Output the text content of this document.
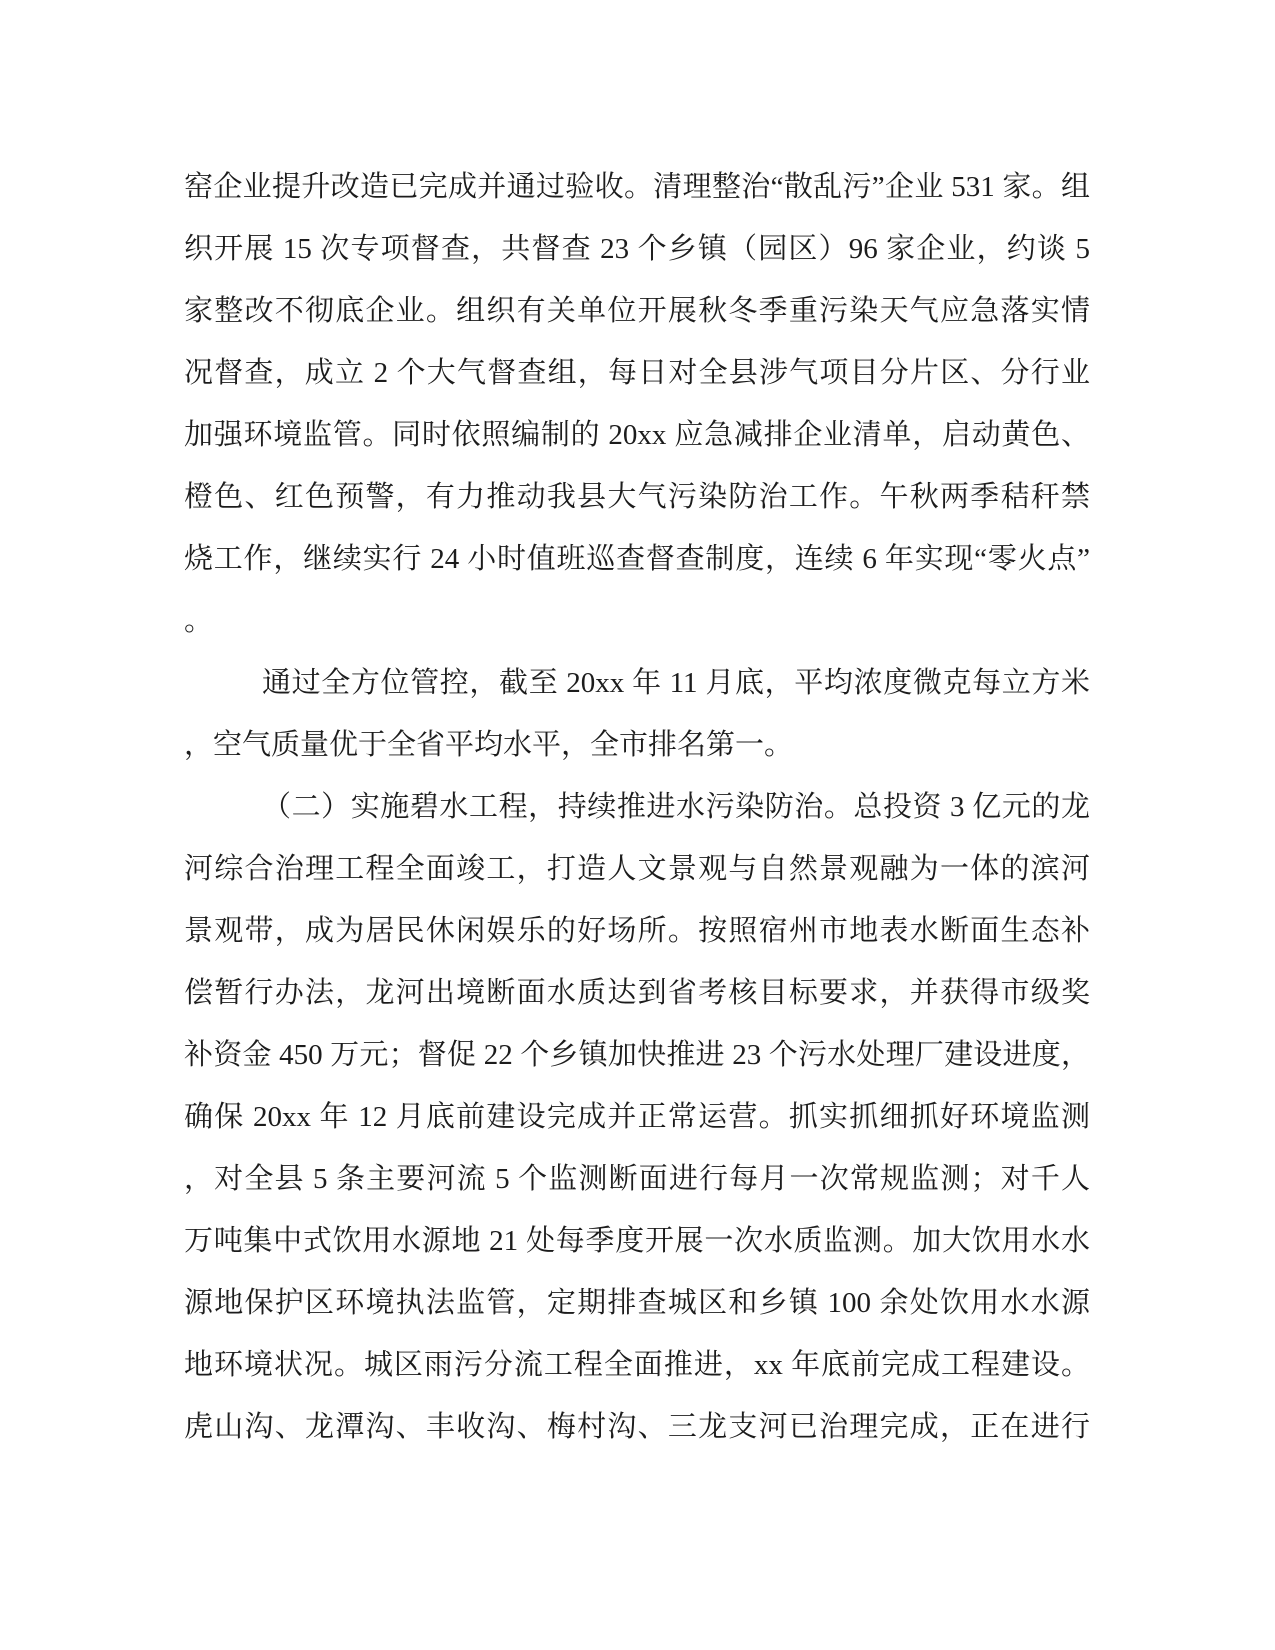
窑企业提升改造已完成并通过验收。清理整治“散乱污”企业 531 家。组
织开展 15 次专项督查，共督查 23 个乡镇（园区）96 家企业，约谈 5
家整改不彻底企业。组织有关单位开展秋冬季重污染天气应急落实情
况督查，成立 2 个大气督查组，每日对全县涉气项目分片区、分行业
加强环境监管。同时依照编制的 20xx 应急减排企业清单，启动黄色、
橙色、红色预警，有力推动我县大气污染防治工作。午秋两季秸秆禁
烧工作，继续实行 24 小时值班巡查督查制度，连续 6 年实现“零火点”
。
通过全方位管控，截至 20xx 年 11 月底，平均浓度微克每立方米
，空气质量优于全省平均水平，全市排名第一。
（二）实施碧水工程，持续推进水污染防治。总投资 3 亿元的龙
河综合治理工程全面竣工，打造人文景观与自然景观融为一体的滨河
景观带，成为居民休闲娱乐的好场所。按照宿州市地表水断面生态补
偿暂行办法，龙河出境断面水质达到省考核目标要求，并获得市级奖
补资金 450 万元；督促 22 个乡镇加快推进 23 个污水处理厂建设进度，
确保 20xx 年 12 月底前建设完成并正常运营。抓实抓细抓好环境监测
，对全县 5 条主要河流 5 个监测断面进行每月一次常规监测；对千人
万吨集中式饮用水源地 21 处每季度开展一次水质监测。加大饮用水水
源地保护区环境执法监管，定期排查城区和乡镇 100 余处饮用水水源
地环境状况。城区雨污分流工程全面推进，xx 年底前完成工程建设。
虎山沟、龙潭沟、丰收沟、梅村沟、三龙支河已治理完成，正在进行
